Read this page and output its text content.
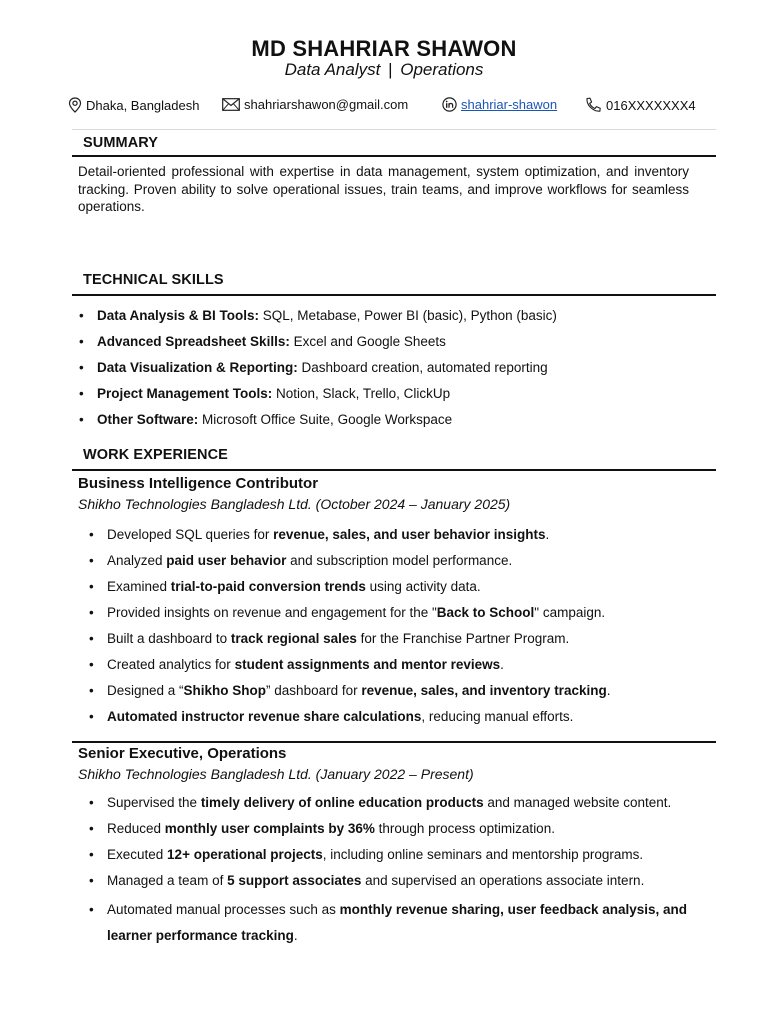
MD SHAHRIAR SHAWON
Data Analyst | Operations
Dhaka, Bangladesh	shahriarshawon@gmail.com	shahriar-shawon	016XXXXXXX4
SUMMARY
Detail-oriented professional with expertise in data management, system optimization, and inventory tracking. Proven ability to solve operational issues, train teams, and improve workflows for seamless operations.
TECHNICAL SKILLS
• Data Analysis & BI Tools: SQL, Metabase, Power BI (basic), Python (basic)
• Advanced Spreadsheet Skills: Excel and Google Sheets
• Data Visualization & Reporting: Dashboard creation, automated reporting
• Project Management Tools: Notion, Slack, Trello, ClickUp
• Other Software: Microsoft Office Suite, Google Workspace
WORK EXPERIENCE
Business Intelligence Contributor
Shikho Technologies Bangladesh Ltd. (October 2024 – January 2025)
• Developed SQL queries for revenue, sales, and user behavior insights.
• Analyzed paid user behavior and subscription model performance.
• Examined trial-to-paid conversion trends using activity data.
• Provided insights on revenue and engagement for the "Back to School" campaign.
• Built a dashboard to track regional sales for the Franchise Partner Program.
• Created analytics for student assignments and mentor reviews.
• Designed a “Shikho Shop” dashboard for revenue, sales, and inventory tracking.
• Automated instructor revenue share calculations, reducing manual efforts.
Senior Executive, Operations
Shikho Technologies Bangladesh Ltd. (January 2022 – Present)
• Supervised the timely delivery of online education products and managed website content.
• Reduced monthly user complaints by 36% through process optimization.
• Executed 12+ operational projects, including online seminars and mentorship programs.
• Managed a team of 5 support associates and supervised an operations associate intern.
• Automated manual processes such as monthly revenue sharing, user feedback analysis, and learner performance tracking.
